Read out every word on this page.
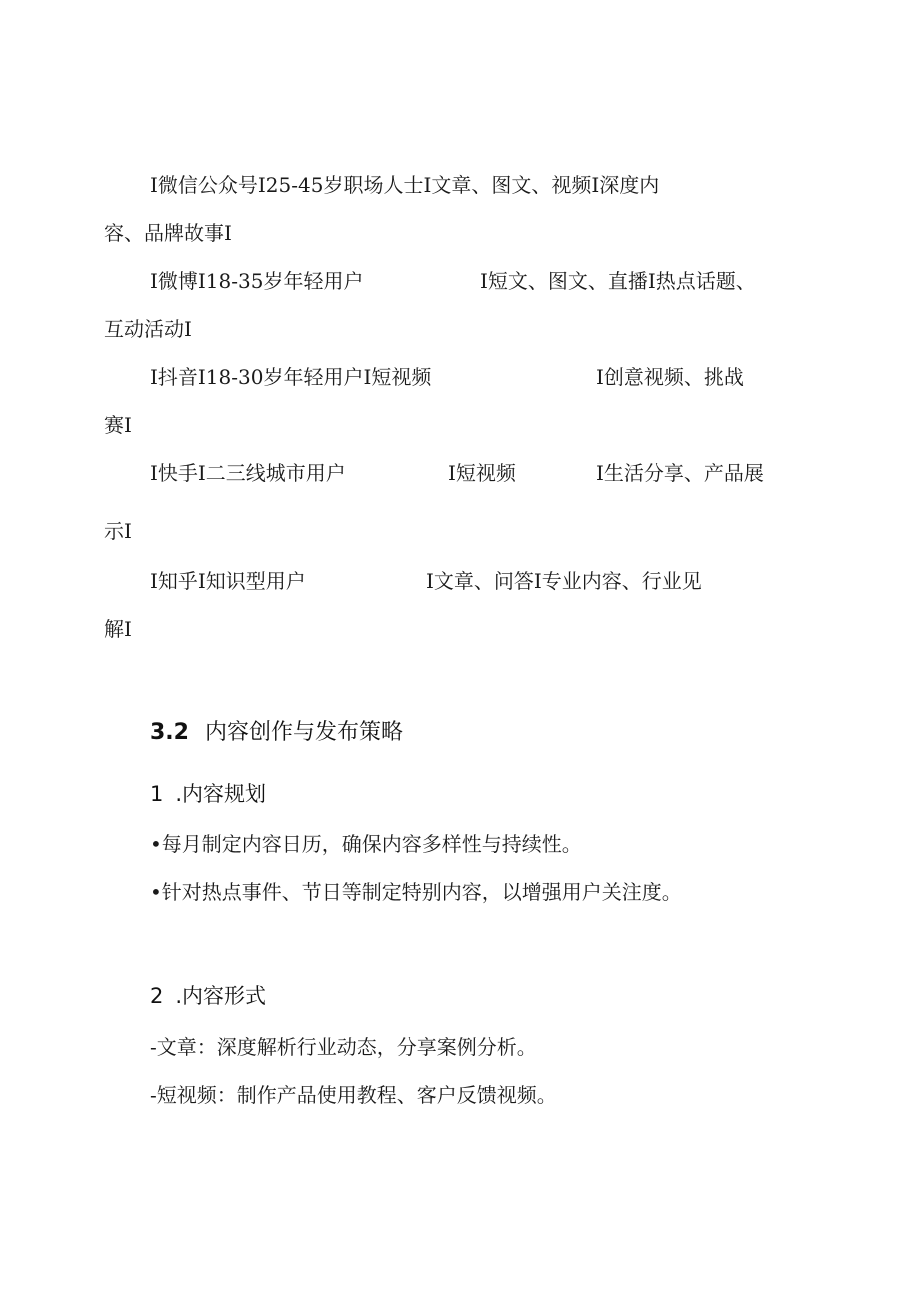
I微信公众号I25-45岁职场人士I文章、图文、视频I深度内
容、品牌故事I
I微博I18-35岁年轻用户	I短文、图文、直播I热点话题、
互动活动I
I抖音I18-30岁年轻用户I短视频	I创意视频、挑战
赛I
I快手I二三线城市用户	I短视频	I生活分享、产品展
示I
I知乎I知识型用户	I文章、问答I专业内容、行业见
解I
3.2 内容创作与发布策略
1 .内容规划
•每月制定内容日历，确保内容多样性与持续性。
•针对热点事件、节日等制定特别内容，以增强用户关注度。
2 .内容形式
-文章：深度解析行业动态，分享案例分析。
-短视频：制作产品使用教程、客户反馈视频。
